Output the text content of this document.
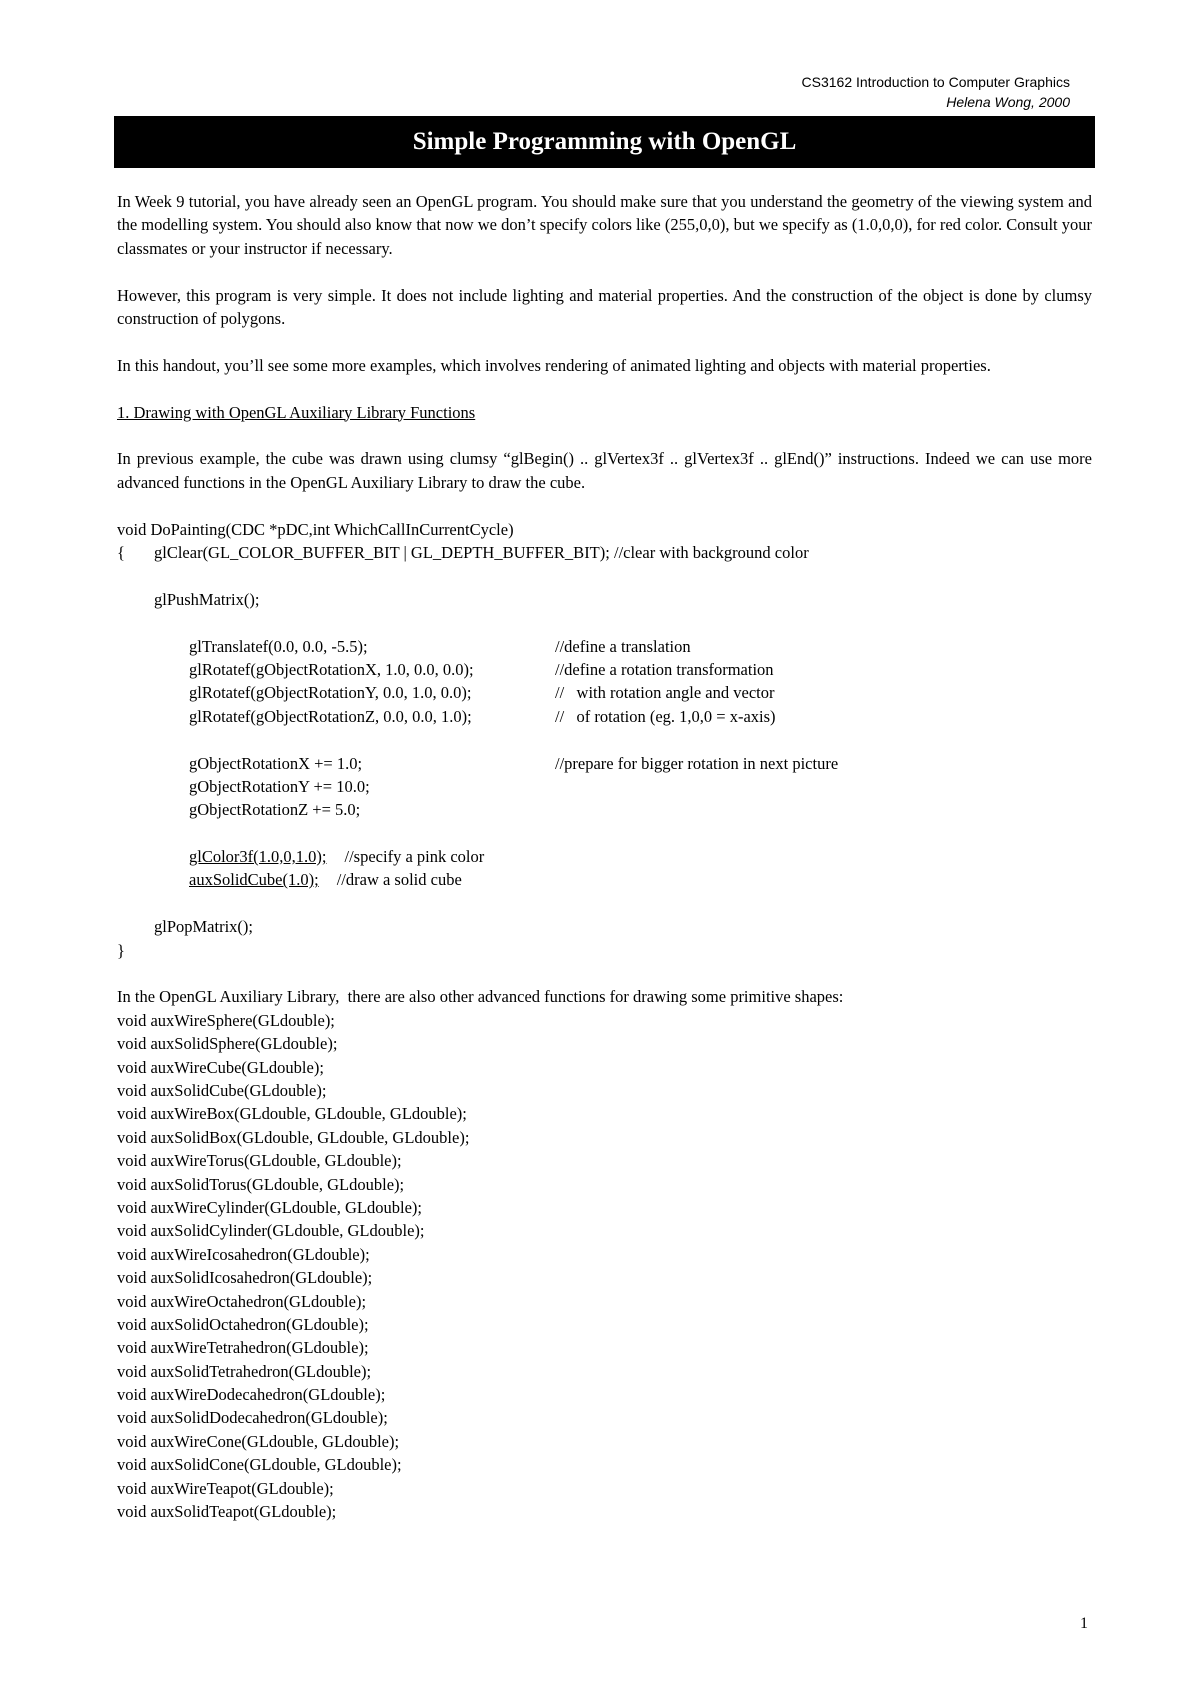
CS3162 Introduction to Computer Graphics
Helena Wong, 2000
Simple Programming with OpenGL

In Week 9 tutorial, you have already seen an OpenGL program. You should make sure that you understand the geometry of the viewing system and the modelling system. You should also know that now we don’t specify colors like (255,0,0), but we specify as (1.0,0,0), for red color. Consult your classmates or your instructor if necessary.

However, this program is very simple. It does not include lighting and material properties. And the construction of the object is done by clumsy construction of polygons.

In this handout, you’ll see some more examples, which involves rendering of animated lighting and objects with material properties.

1. Drawing with OpenGL Auxiliary Library Functions

In previous example, the cube was drawn using clumsy “glBegin() .. glVertex3f .. glVertex3f .. glEnd()” instructions. Indeed we can use more advanced functions in the OpenGL Auxiliary Library to draw the cube.

void DoPainting(CDC *pDC,int WhichCallInCurrentCycle)
{ glClear(GL_COLOR_BUFFER_BIT | GL_DEPTH_BUFFER_BIT); //clear with background color
glPushMatrix();
glTranslatef(0.0, 0.0, -5.5);	//define a translation
glRotatef(gObjectRotationX, 1.0, 0.0, 0.0);	//define a rotation transformation
glRotatef(gObjectRotationY, 0.0, 1.0, 0.0);	//   with rotation angle and vector
glRotatef(gObjectRotationZ, 0.0, 0.0, 1.0);	//   of rotation (eg. 1,0,0 = x-axis)
gObjectRotationX += 1.0;	//prepare for bigger rotation in next picture
gObjectRotationY += 10.0;
gObjectRotationZ += 5.0;
glColor3f(1.0,0,1.0); //specify a pink color
auxSolidCube(1.0); //draw a solid cube
glPopMatrix();
}
In the OpenGL Auxiliary Library,  there are also other advanced functions for drawing some primitive shapes:
void auxWireSphere(GLdouble);
void auxSolidSphere(GLdouble);
void auxWireCube(GLdouble);
void auxSolidCube(GLdouble);
void auxWireBox(GLdouble, GLdouble, GLdouble);
void auxSolidBox(GLdouble, GLdouble, GLdouble);
void auxWireTorus(GLdouble, GLdouble);
void auxSolidTorus(GLdouble, GLdouble);
void auxWireCylinder(GLdouble, GLdouble);
void auxSolidCylinder(GLdouble, GLdouble);
void auxWireIcosahedron(GLdouble);
void auxSolidIcosahedron(GLdouble);
void auxWireOctahedron(GLdouble);
void auxSolidOctahedron(GLdouble);
void auxWireTetrahedron(GLdouble);
void auxSolidTetrahedron(GLdouble);
void auxWireDodecahedron(GLdouble);
void auxSolidDodecahedron(GLdouble);
void auxWireCone(GLdouble, GLdouble);
void auxSolidCone(GLdouble, GLdouble);
void auxWireTeapot(GLdouble);
void auxSolidTeapot(GLdouble);
1
